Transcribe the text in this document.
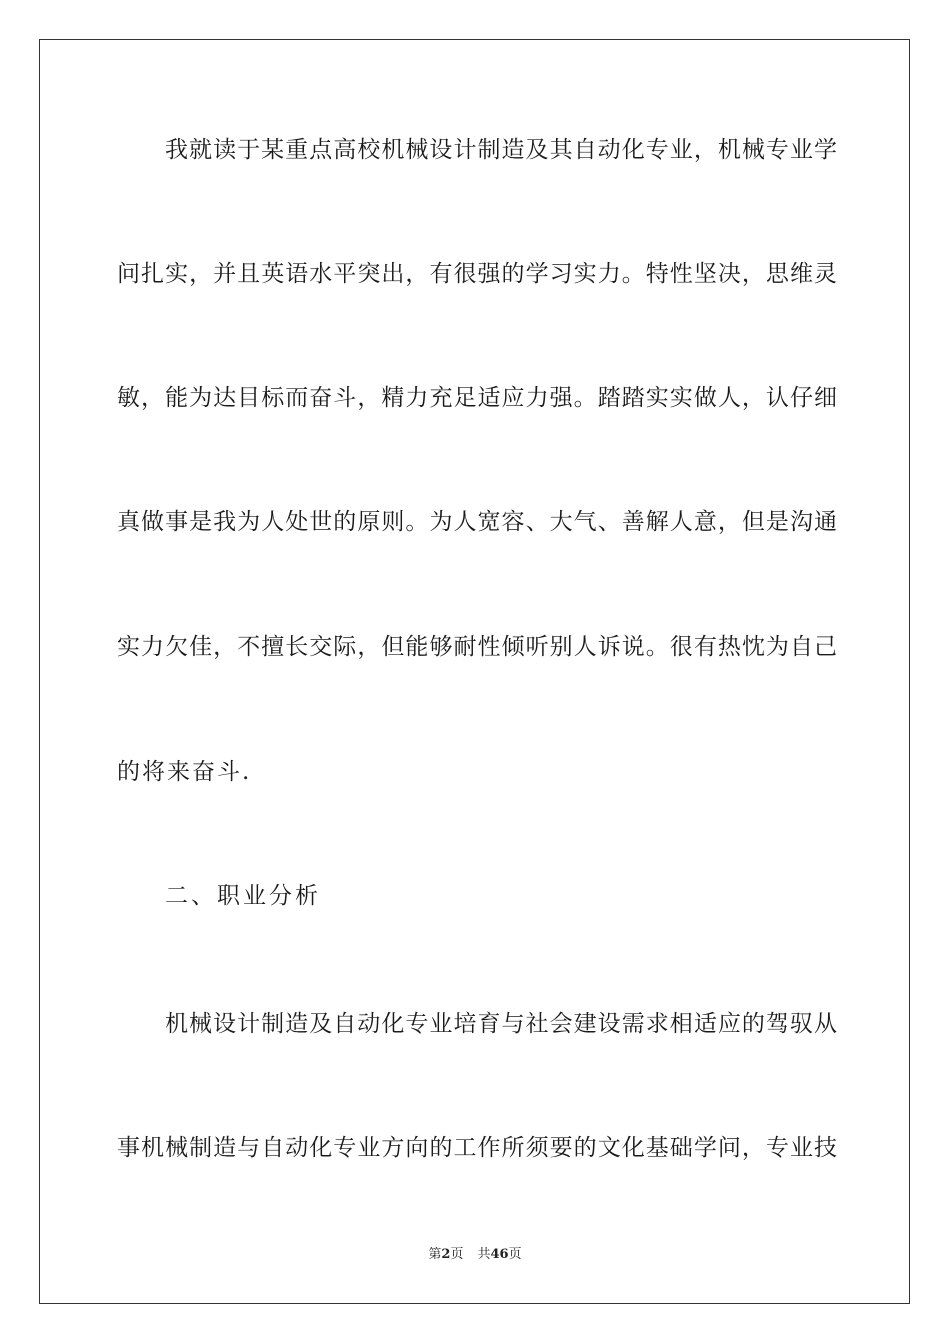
我就读于某重点高校机械设计制造及其自动化专业，机械专业学
问扎实，并且英语水平突出，有很强的学习实力。特性坚决，思维灵
敏，能为达目标而奋斗，精力充足适应力强。踏踏实实做人，认仔细
真做事是我为人处世的原则。为人宽容、大气、善解人意，但是沟通
实力欠佳，不擅长交际，但能够耐性倾听别人诉说。很有热忱为自己
的将来奋斗.
二、职业分析
机械设计制造及自动化专业培育与社会建设需求相适应的驾驭从
事机械制造与自动化专业方向的工作所须要的文化基础学问，专业技
第2页 共46页
